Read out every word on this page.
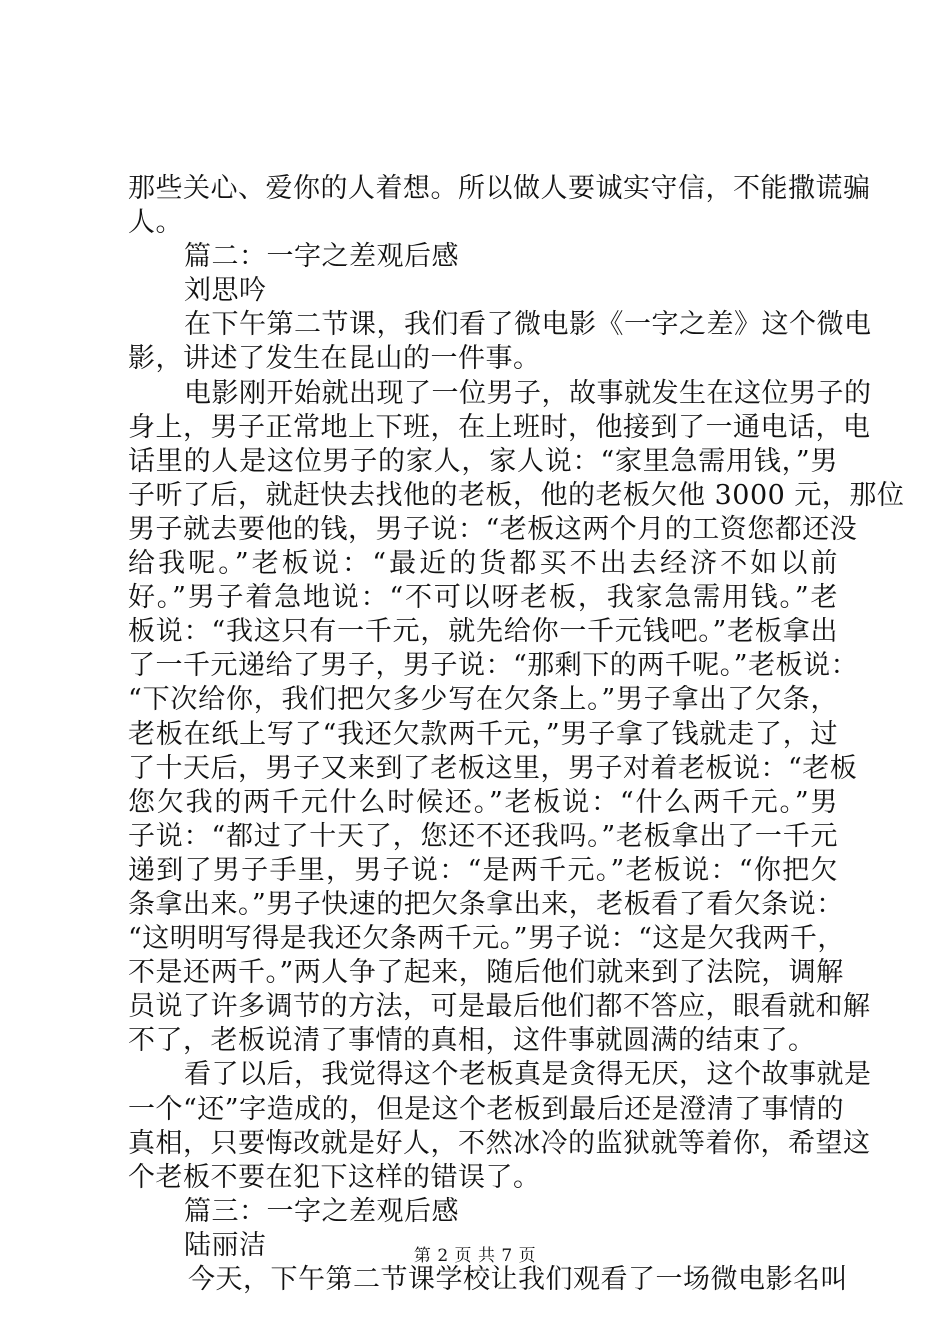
那些关心、爱你的人着想。所以做人要诚实守信，不能撒谎骗
人。
篇二：一字之差观后感
刘思吟
在下午第二节课，我们看了微电影《一字之差》这个微电
影，讲述了发生在昆山的一件事。
电影刚开始就出现了一位男子，故事就发生在这位男子的
身上，男子正常地上下班，在上班时，他接到了一通电话，电
话里的人是这位男子的家人，家人说：“家里急需用钱，”男
子听了后，就赶快去找他的老板，他的老板欠他 3000 元，那位
男子就去要他的钱，男子说：“老板这两个月的工资您都还没
给我呢。”老板说：“最近的货都买不出去经济不如以前
好。”男子着急地说：“不可以呀老板，我家急需用钱。”老
板说：“我这只有一千元，就先给你一千元钱吧。”老板拿出
了一千元递给了男子，男子说：“那剩下的两千呢。”老板说：
“下次给你，我们把欠多少写在欠条上。”男子拿出了欠条，
老板在纸上写了“我还欠款两千元，”男子拿了钱就走了，过
了十天后，男子又来到了老板这里，男子对着老板说：“老板
您欠我的两千元什么时候还。”老板说：“什么两千元。”男
子说：“都过了十天了，您还不还我吗。”老板拿出了一千元
递到了男子手里，男子说：“是两千元。”老板说：“你把欠
条拿出来。”男子快速的把欠条拿出来，老板看了看欠条说：
“这明明写得是我还欠条两千元。”男子说：“这是欠我两千，
不是还两千。”两人争了起来，随后他们就来到了法院，调解
员说了许多调节的方法，可是最后他们都不答应，眼看就和解
不了，老板说清了事情的真相，这件事就圆满的结束了。
看了以后，我觉得这个老板真是贪得无厌，这个故事就是
一个“还”字造成的，但是这个老板到最后还是澄清了事情的
真相，只要悔改就是好人，不然冰冷的监狱就等着你，希望这
个老板不要在犯下这样的错误了。
篇三：一字之差观后感
陆丽洁
今天，下午第二节课学校让我们观看了一场微电影名叫
第 2 页 共 7 页
